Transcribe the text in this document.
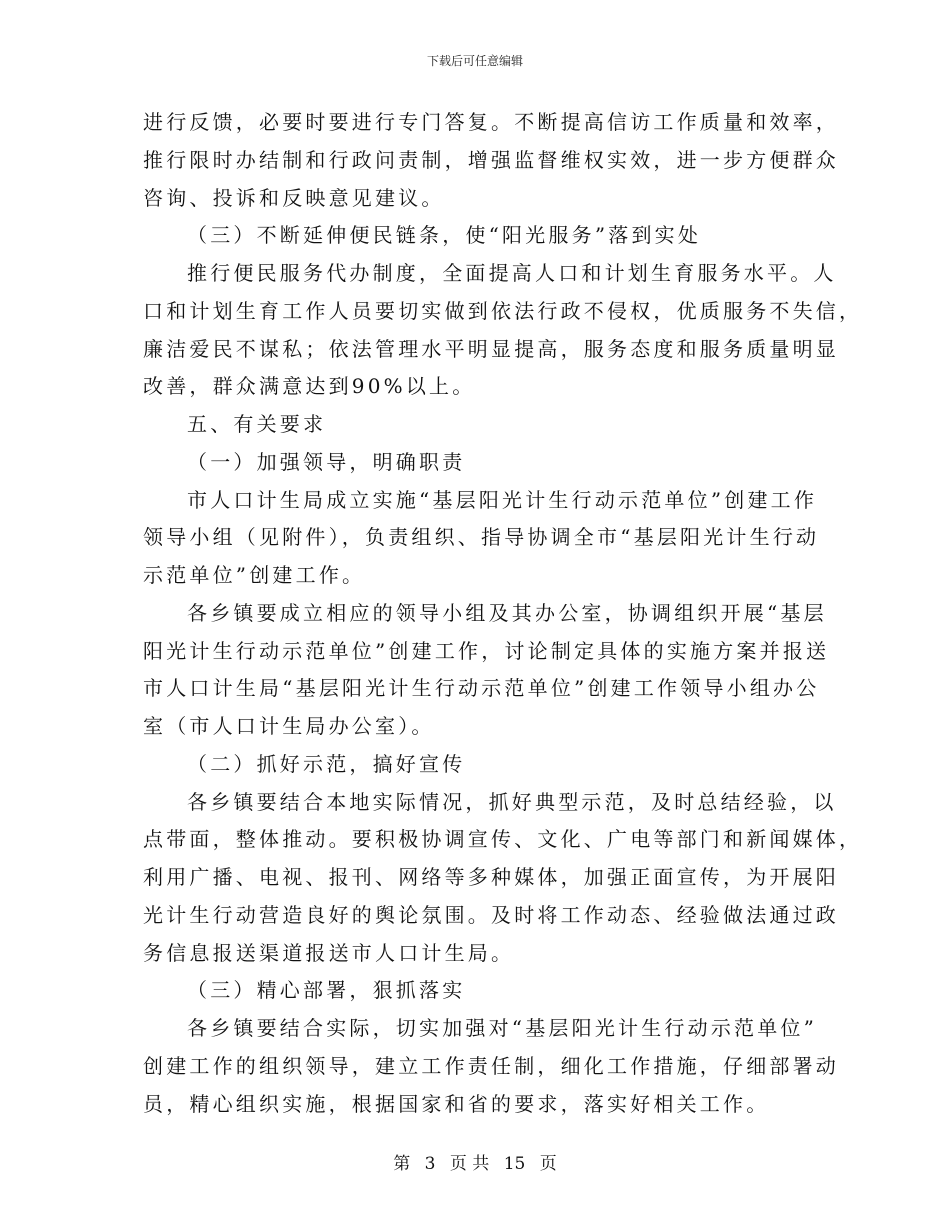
下载后可任意编辑
进行反馈，必要时要进行专门答复。不断提高信访工作质量和效率，
推行限时办结制和行政问责制，增强监督维权实效，进一步方便群众
咨询、投诉和反映意见建议。
（三）不断延伸便民链条，使“阳光服务”落到实处
推行便民服务代办制度，全面提高人口和计划生育服务水平。人
口和计划生育工作人员要切实做到依法行政不侵权，优质服务不失信，
廉洁爱民不谋私；依法管理水平明显提高，服务态度和服务质量明显
改善，群众满意达到90%以上。
五、有关要求
（一）加强领导，明确职责
市人口计生局成立实施“基层阳光计生行动示范单位”创建工作
领导小组（见附件），负责组织、指导协调全市“基层阳光计生行动
示范单位”创建工作。
各乡镇要成立相应的领导小组及其办公室，协调组织开展“基层
阳光计生行动示范单位”创建工作，讨论制定具体的实施方案并报送
市人口计生局“基层阳光计生行动示范单位”创建工作领导小组办公
室（市人口计生局办公室）。
（二）抓好示范，搞好宣传
各乡镇要结合本地实际情况，抓好典型示范，及时总结经验，以
点带面，整体推动。要积极协调宣传、文化、广电等部门和新闻媒体，
利用广播、电视、报刊、网络等多种媒体，加强正面宣传，为开展阳
光计生行动营造良好的舆论氛围。及时将工作动态、经验做法通过政
务信息报送渠道报送市人口计生局。
（三）精心部署，狠抓落实
各乡镇要结合实际，切实加强对“基层阳光计生行动示范单位”
创建工作的组织领导，建立工作责任制，细化工作措施，仔细部署动
员，精心组织实施，根据国家和省的要求，落实好相关工作。
第 3 页 共 15 页
